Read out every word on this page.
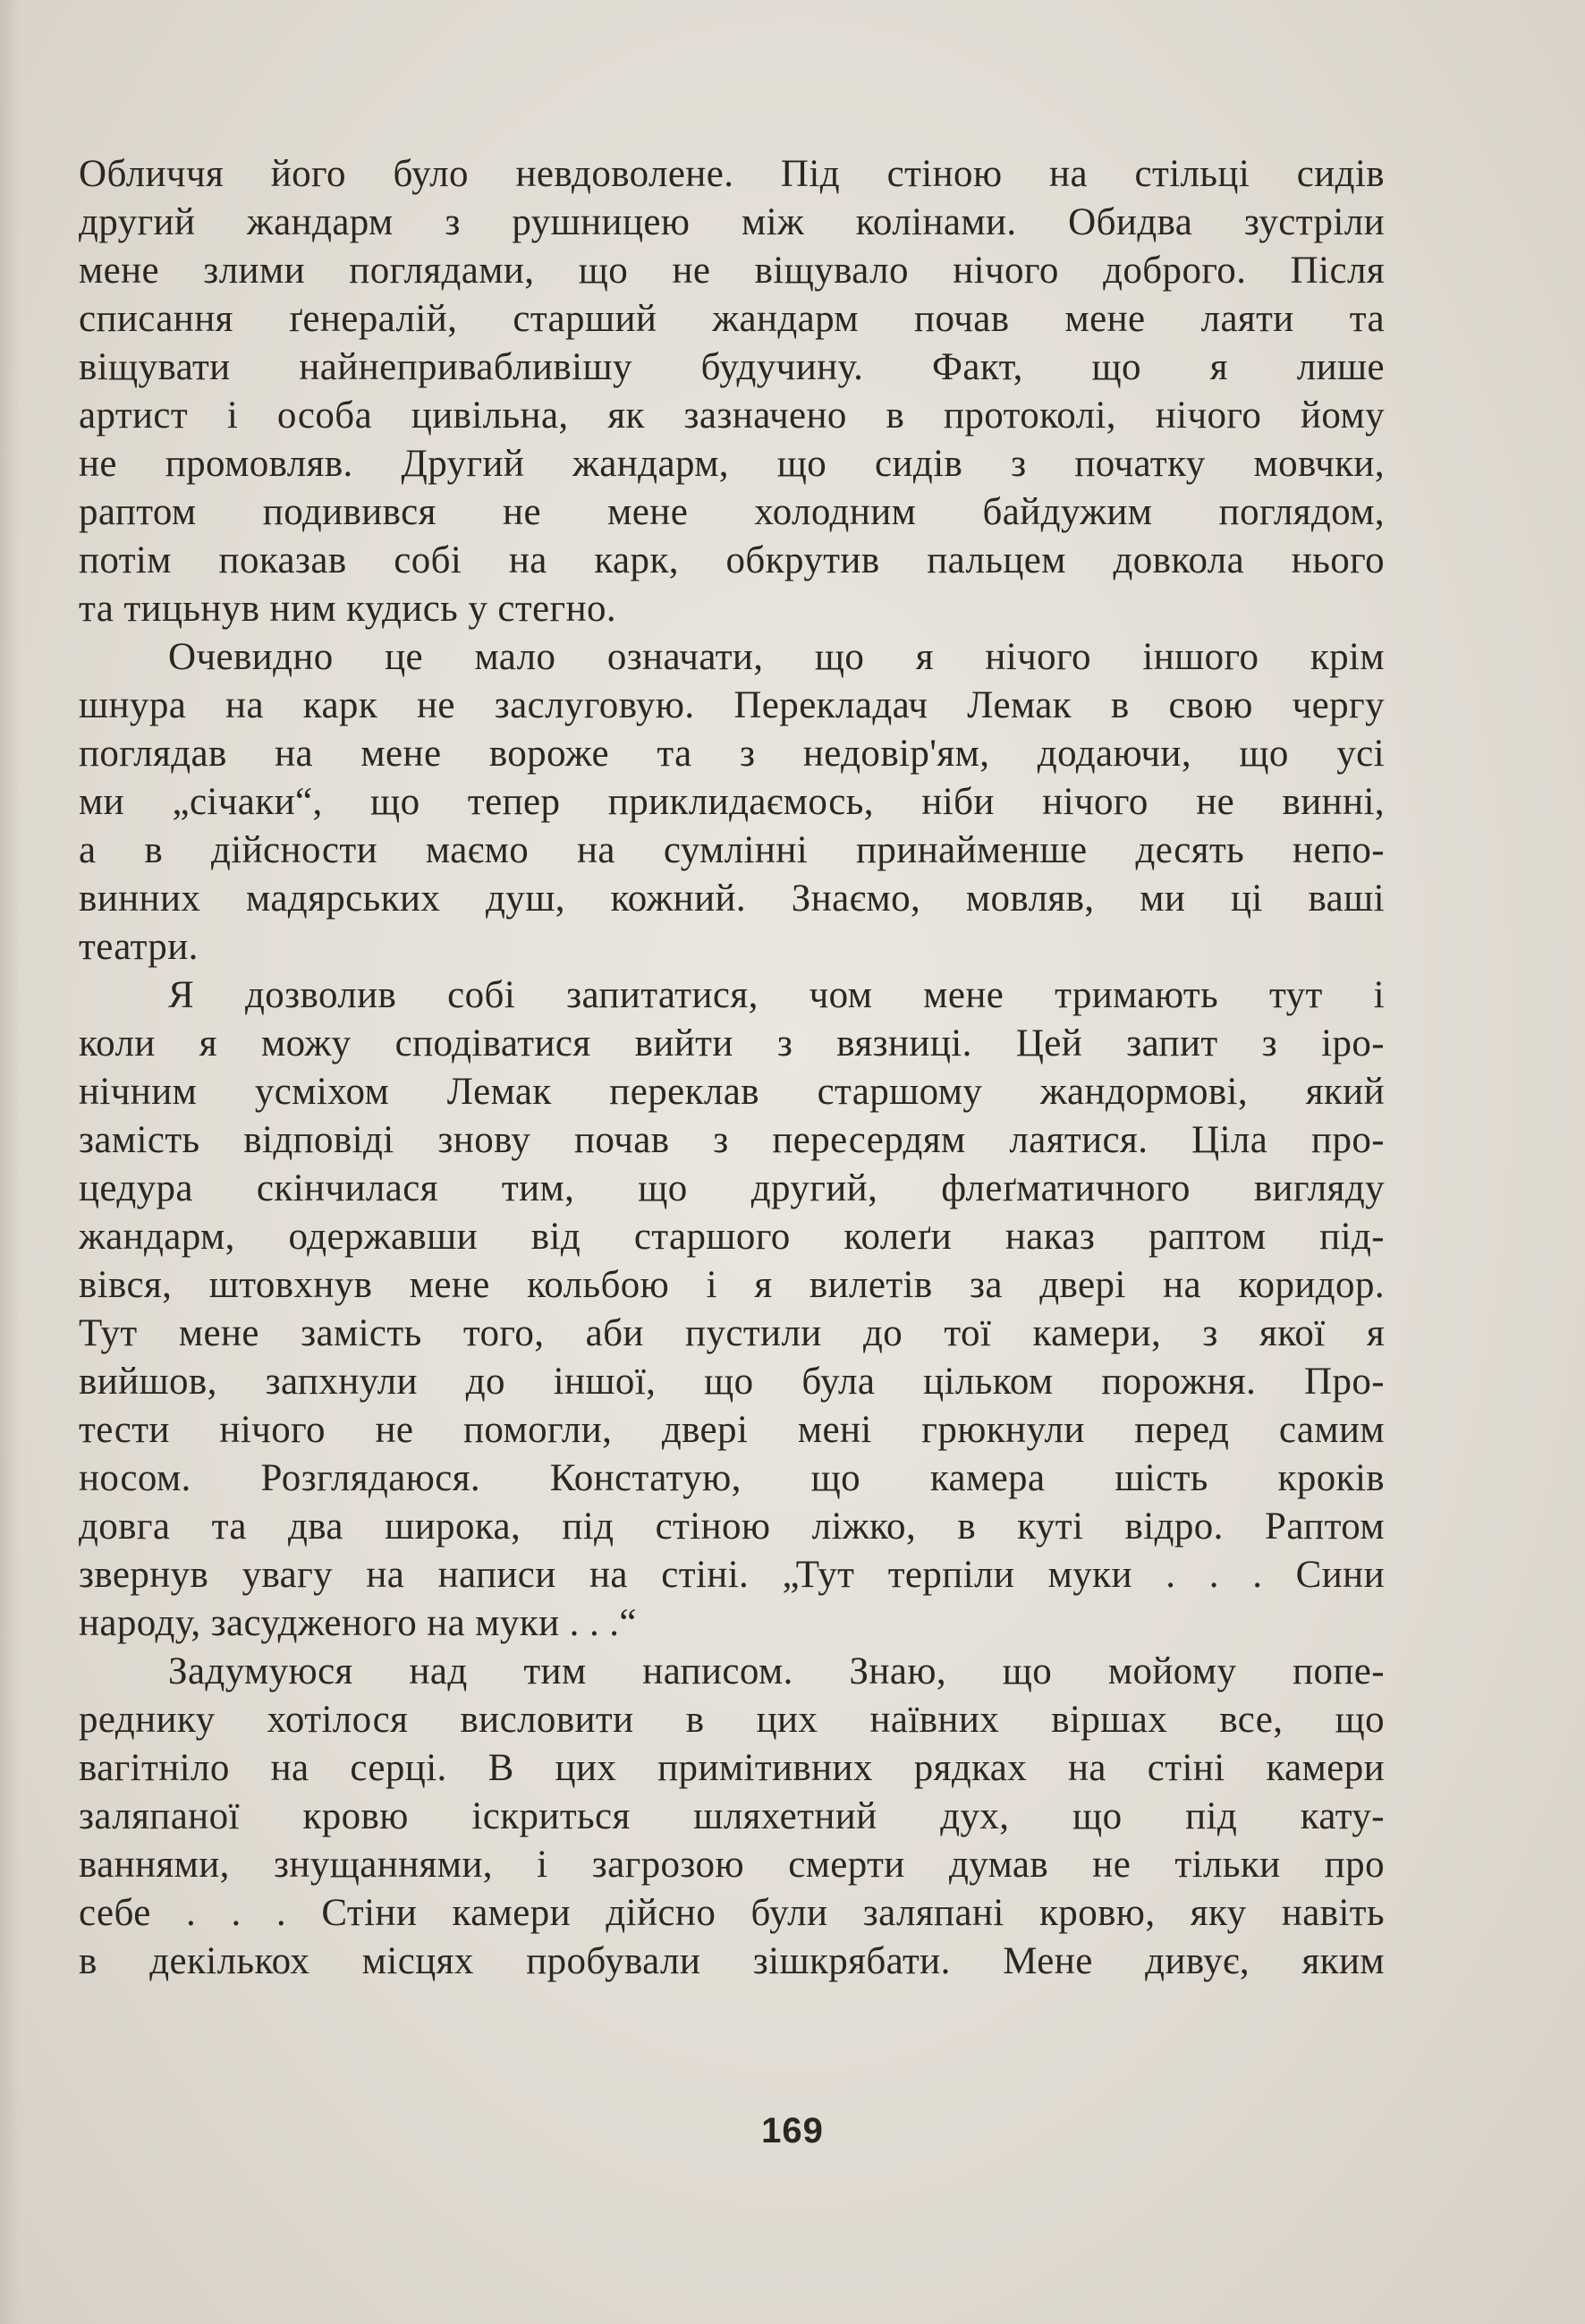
Обличчя його було невдоволене. Під стіною на стільці сидів
другий жандарм з рушницею між колінами. Обидва зустріли
мене злими поглядами, що не віщувало нічого доброго. Після
списання ґенералій, старший жандарм почав мене лаяти та
віщувати найнепривабливішу будучину. Факт, що я лише
артист і особа цивільна, як зазначено в протоколі, нічого йому
не промовляв. Другий жандарм, що сидів з початку мовчки,
раптом подивився не мене холодним байдужим поглядом,
потім показав собі на карк, обкрутив пальцем довкола нього
та тицьнув ним кудись у стегно.
Очевидно це мало означати, що я нічого іншого крім
шнура на карк не заслуговую. Перекладач Лемак в свою чергу
поглядав на мене вороже та з недовір'ям, додаючи, що усі
ми „січаки“, що тепер приклидаємось, ніби нічого не винні,
а в дійсности маємо на сумлінні принайменше десять непо-
винних мадярських душ, кожний. Знаємо, мовляв, ми ці ваші
театри.
Я дозволив собі запитатися, чом мене тримають тут і
коли я можу сподіватися вийти з вязниці. Цей запит з іро-
нічним усміхом Лемак переклав старшому жандормові, який
замість відповіді знову почав з пересердям лаятися. Ціла про-
цедура скінчилася тим, що другий, флеґматичного вигляду
жандарм, одержавши від старшого колеґи наказ раптом під-
вівся, штовхнув мене кольбою і я вилетів за двері на коридор.
Тут мене замість того, аби пустили до тої камери, з якої я
вийшов, запхнули до іншої, що була цільком порожня. Про-
тести нічого не помогли, двері мені грюкнули перед самим
носом. Розглядаюся. Констатую, що камера шість кроків
довга та два широка, під стіною ліжко, в куті відро. Раптом
звернув увагу на написи на стіні. „Тут терпіли муки . . . Сини
народу, засудженого на муки . . .“
Задумуюся над тим написом. Знаю, що мойому попе-
реднику хотілося висловити в цих наївних віршах все, що
вагітніло на серці. В цих примітивних рядках на стіні камери
заляпаної кровю іскриться шляхетний дух, що під кату-
ваннями, знущаннями, і загрозою смерти думав не тільки про
себе . . . Стіни камери дійсно були заляпані кровю, яку навіть
в декількох місцях пробували зішкрябати. Мене дивує, яким
169
